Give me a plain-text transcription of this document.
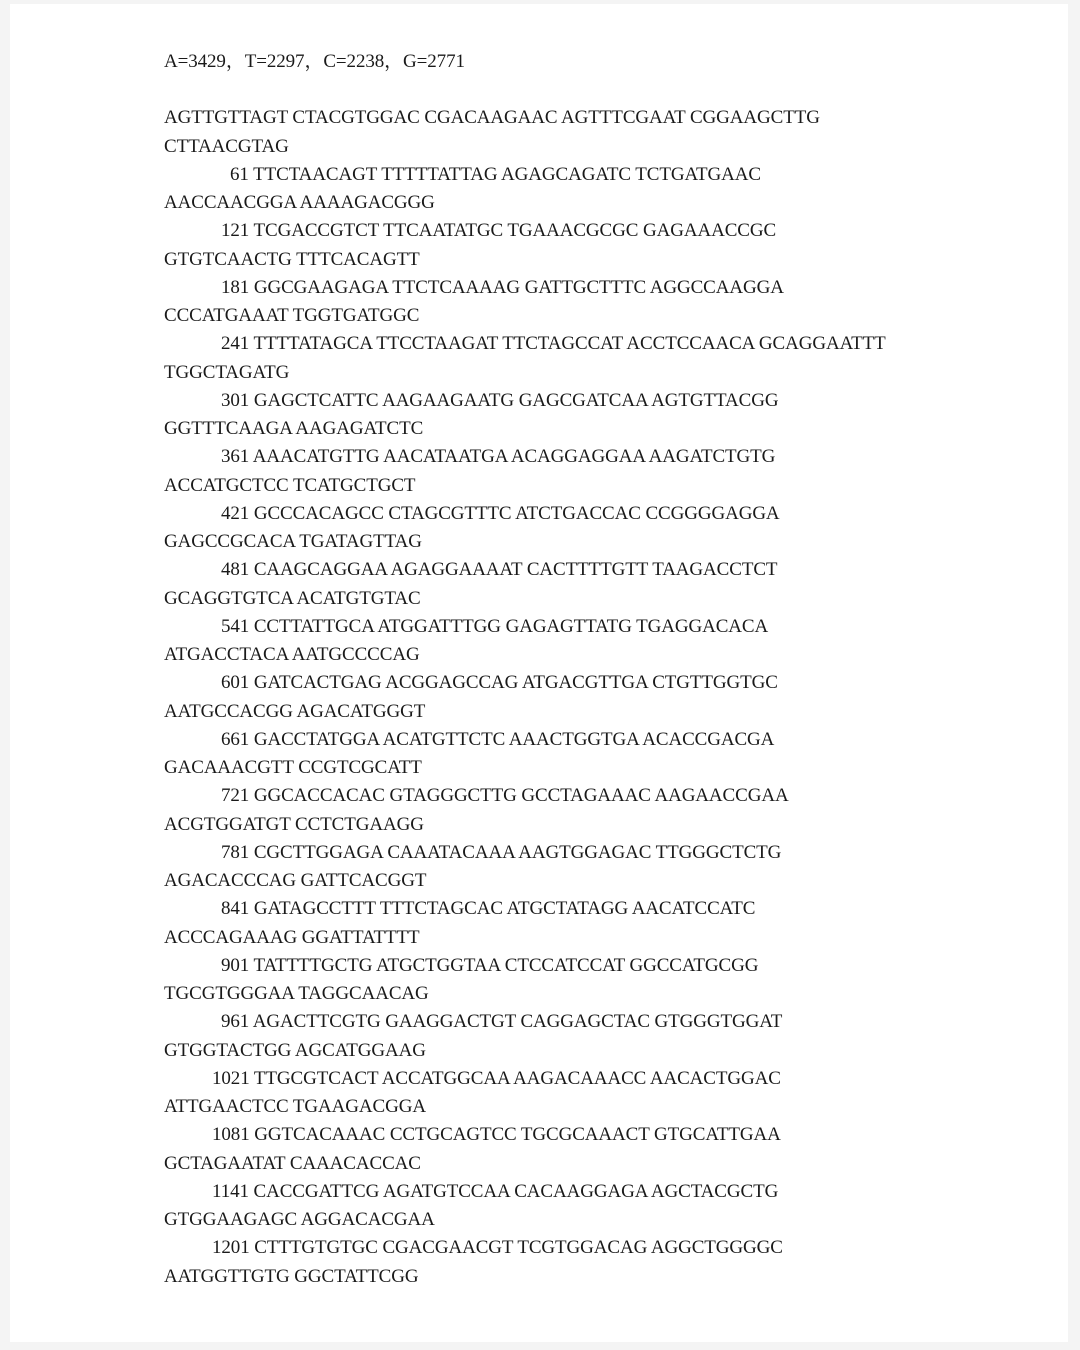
A=3429，T=2297，C=2238，G=2771
AGTTGTTAGT CTACGTGGAC CGACAAGAAC AGTTTCGAAT CGGAAGCTTG
CTTAACGTAG
61 TTCTAACAGT TTTTTATTAG AGAGCAGATC TCTGATGAAC
AACCAACGGA AAAAGACGGG
121 TCGACCGTCT TTCAATATGC TGAAACGCGC GAGAAACCGC
GTGTCAACTG TTTCACAGTT
181 GGCGAAGAGA TTCTCAAAAG GATTGCTTTC AGGCCAAGGA
CCCATGAAAT TGGTGATGGC
241 TTTTATAGCA TTCCTAAGAT TTCTAGCCAT ACCTCCAACA GCAGGAATTT
TGGCTAGATG
301 GAGCTCATTC AAGAAGAATG GAGCGATCAA AGTGTTACGG
GGTTTCAAGA AAGAGATCTC
361 AAACATGTTG AACATAATGA ACAGGAGGAA AAGATCTGTG
ACCATGCTCC TCATGCTGCT
421 GCCCACAGCC CTAGCGTTTC ATCTGACCAC CCGGGGAGGA
GAGCCGCACA TGATAGTTAG
481 CAAGCAGGAA AGAGGAAAAT CACTTTTGTT TAAGACCTCT
GCAGGTGTCA ACATGTGTAC
541 CCTTATTGCA ATGGATTTGG GAGAGTTATG TGAGGACACA
ATGACCTACA AATGCCCCAG
601 GATCACTGAG ACGGAGCCAG ATGACGTTGA CTGTTGGTGC
AATGCCACGG AGACATGGGT
661 GACCTATGGA ACATGTTCTC AAACTGGTGA ACACCGACGA
GACAAACGTT CCGTCGCATT
721 GGCACCACAC GTAGGGCTTG GCCTAGAAAC AAGAACCGAA
ACGTGGATGT CCTCTGAAGG
781 CGCTTGGAGA CAAATACAAA AAGTGGAGAC TTGGGCTCTG
AGACACCCAG GATTCACGGT
841 GATAGCCTTT TTTCTAGCAC ATGCTATAGG AACATCCATC
ACCCAGAAAG GGATTATTTT
901 TATTTTGCTG ATGCTGGTAA CTCCATCCAT GGCCATGCGG
TGCGTGGGAA TAGGCAACAG
961 AGACTTCGTG GAAGGACTGT CAGGAGCTAC GTGGGTGGAT
GTGGTACTGG AGCATGGAAG
1021 TTGCGTCACT ACCATGGCAA AAGACAAACC AACACTGGAC
ATTGAACTCC TGAAGACGGA
1081 GGTCACAAAC CCTGCAGTCC TGCGCAAACT GTGCATTGAA
GCTAGAATAT CAAACACCAC
1141 CACCGATTCG AGATGTCCAA CACAAGGAGA AGCTACGCTG
GTGGAAGAGC AGGACACGAA
1201 CTTTGTGTGC CGACGAACGT TCGTGGACAG AGGCTGGGGC
AATGGTTGTG GGCTATTCGG
